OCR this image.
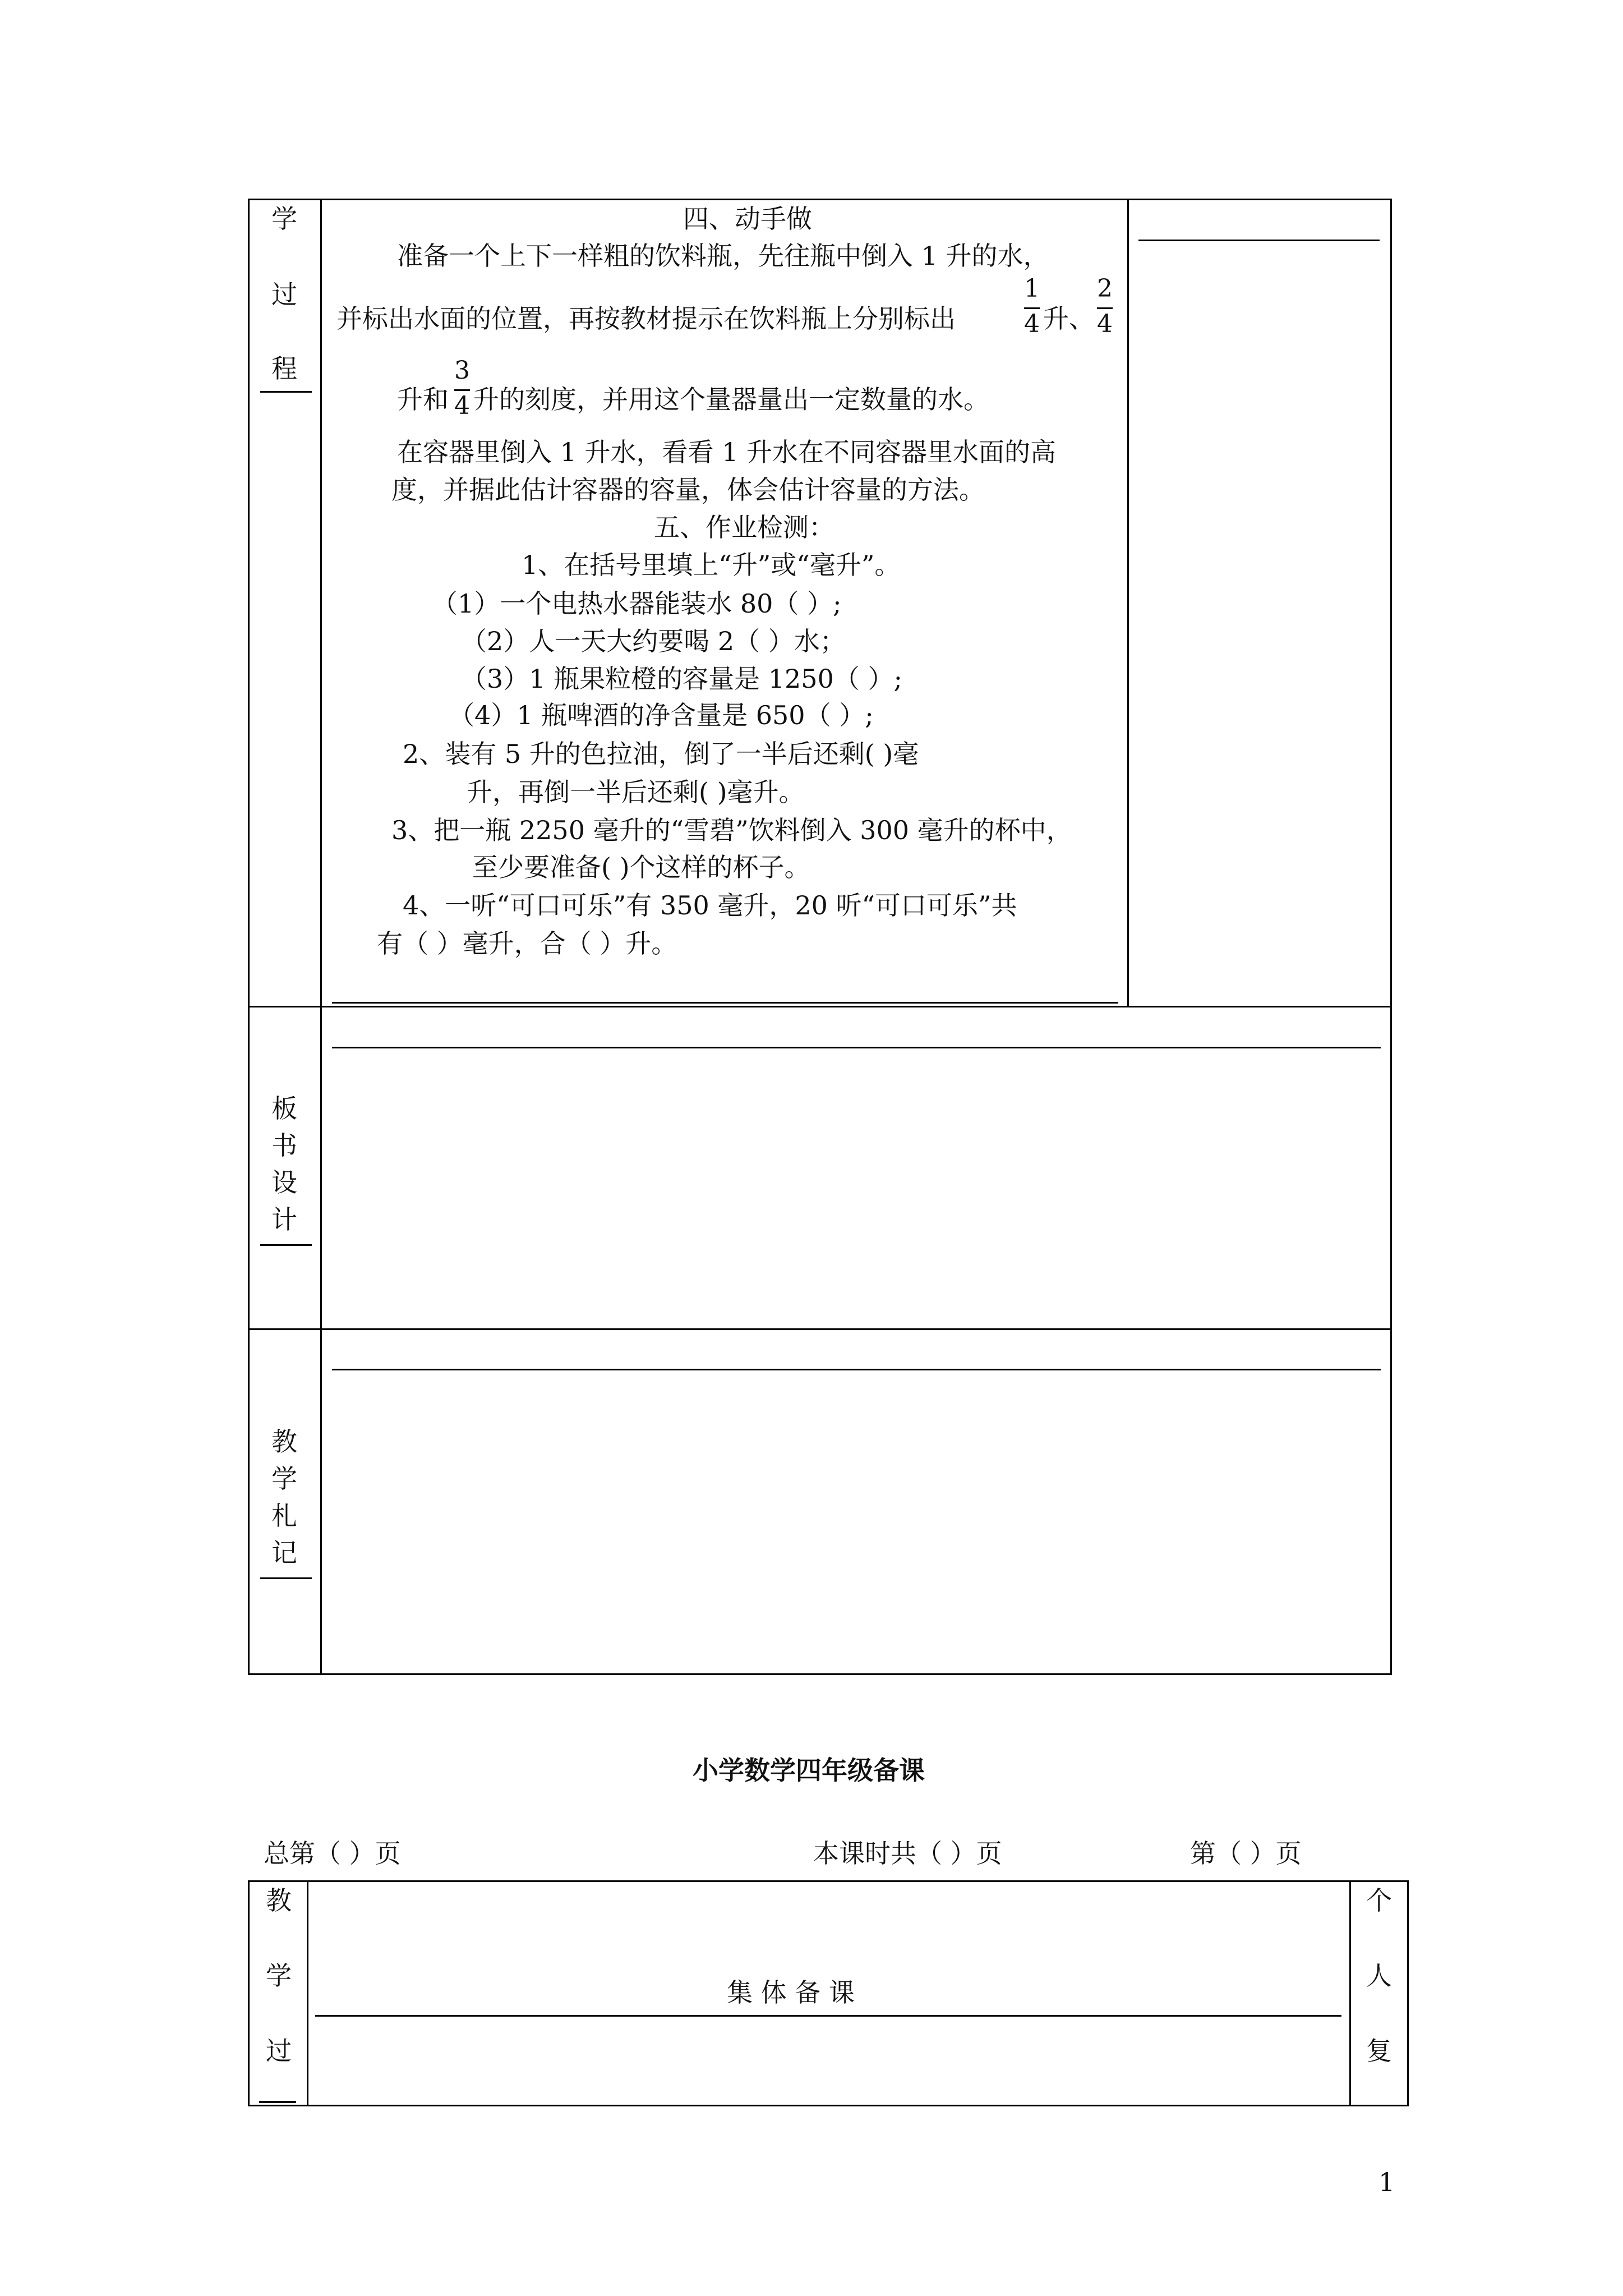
学
过
程
四、动手做
准备一个上下一样粗的饮料瓶，先往瓶中倒入 1 升的水，
并标出水面的位置，再按教材提示在饮料瓶上分别标出
1
4 升、
2
4
升和
3
4 升的刻度，并用这个量器量出一定数量的水。
在容器里倒入 1 升水，看看 1 升水在不同容器里水面的高
度，并据此估计容器的容量，体会估计容量的方法。
五、作业检测：
1、在括号里填上“升”或“毫升”。
（1）一个电热水器能装水 80（ ）;
（2）人一天大约要喝 2（ ）水；
（3）1 瓶果粒橙的容量是 1250（ ）;
（4）1 瓶啤酒的净含量是 650（ ）;
2、装有 5 升的色拉油，倒了一半后还剩( )毫
升，再倒一半后还剩( )毫升。
3、把一瓶 2250 毫升的“雪碧”饮料倒入 300 毫升的杯中，
至少要准备( )个这样的杯子。
4、一听“可口可乐”有 350 毫升，20 听“可口可乐”共
有（ ）毫升，合（ ）升。
板
书
设
计
教
学
札
记
小学数学四年级备课
总第（ ）页	本课时共（ ）页	第（ ）页
教
学
过
集 体 备 课
个
人
复
1
